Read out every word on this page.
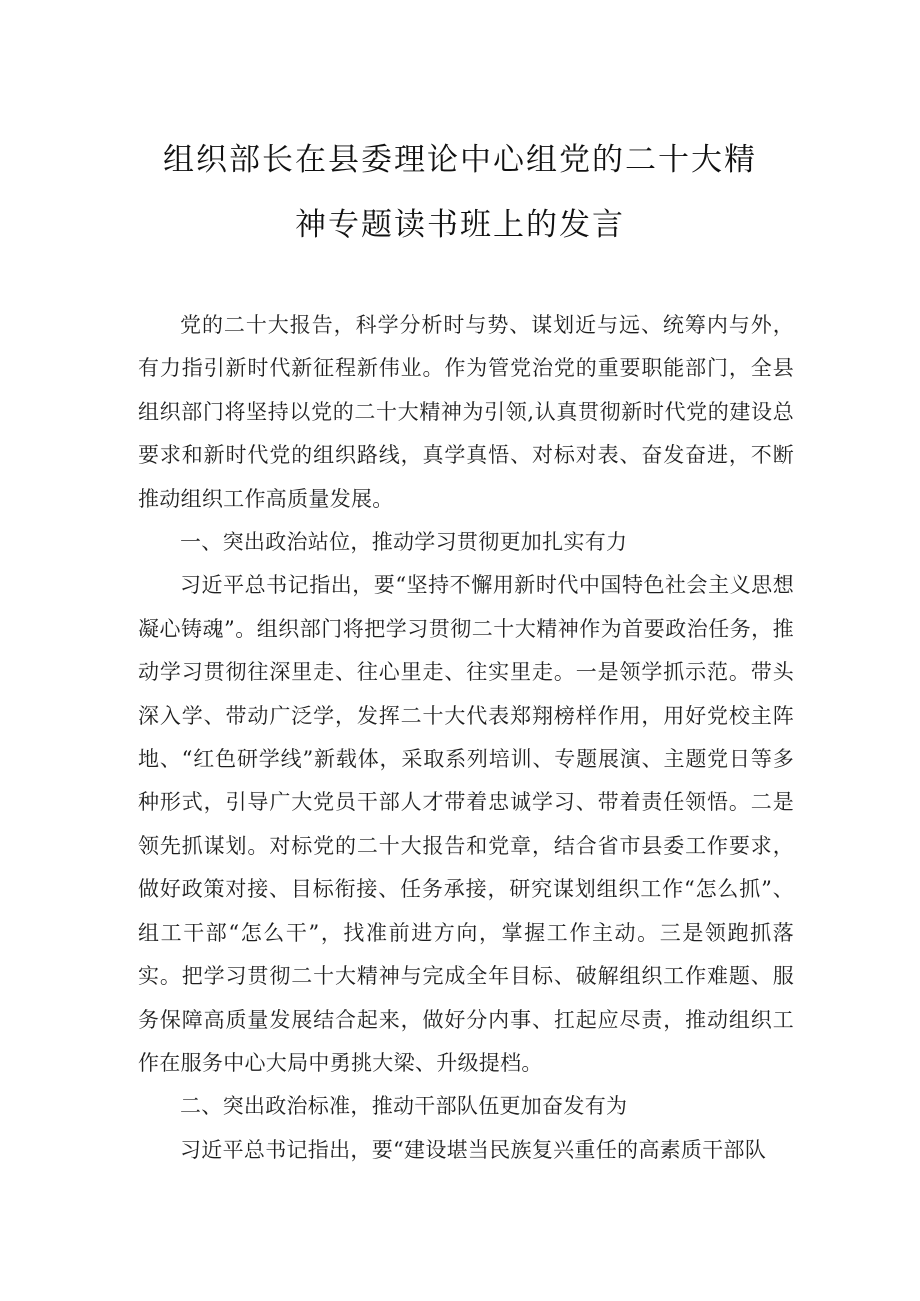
组织部长在县委理论中心组党的二十大精
神专题读书班上的发言

党的二十大报告，科学分析时与势、谋划近与远、统筹内与外，有力指引新时代新征程新伟业。作为管党治党的重要职能部门，全县组织部门将坚持以党的二十大精神为引领,认真贯彻新时代党的建设总要求和新时代党的组织路线，真学真悟、对标对表、奋发奋进，不断推动组织工作高质量发展。

一、突出政治站位，推动学习贯彻更加扎实有力

习近平总书记指出，要“坚持不懈用新时代中国特色社会主义思想凝心铸魂”。组织部门将把学习贯彻二十大精神作为首要政治任务，推动学习贯彻往深里走、往心里走、往实里走。一是领学抓示范。带头深入学、带动广泛学，发挥二十大代表郑翔榜样作用，用好党校主阵地、“红色研学线”新载体，采取系列培训、专题展演、主题党日等多种形式，引导广大党员干部人才带着忠诚学习、带着责任领悟。二是领先抓谋划。对标党的二十大报告和党章，结合省市县委工作要求，做好政策对接、目标衔接、任务承接，研究谋划组织工作“怎么抓”、组工干部“怎么干”，找准前进方向，掌握工作主动。三是领跑抓落实。把学习贯彻二十大精神与完成全年目标、破解组织工作难题、服务保障高质量发展结合起来，做好分内事、扛起应尽责，推动组织工作在服务中心大局中勇挑大梁、升级提档。

二、突出政治标准，推动干部队伍更加奋发有为

习近平总书记指出，要“建设堪当民族复兴重任的高素质干部队
